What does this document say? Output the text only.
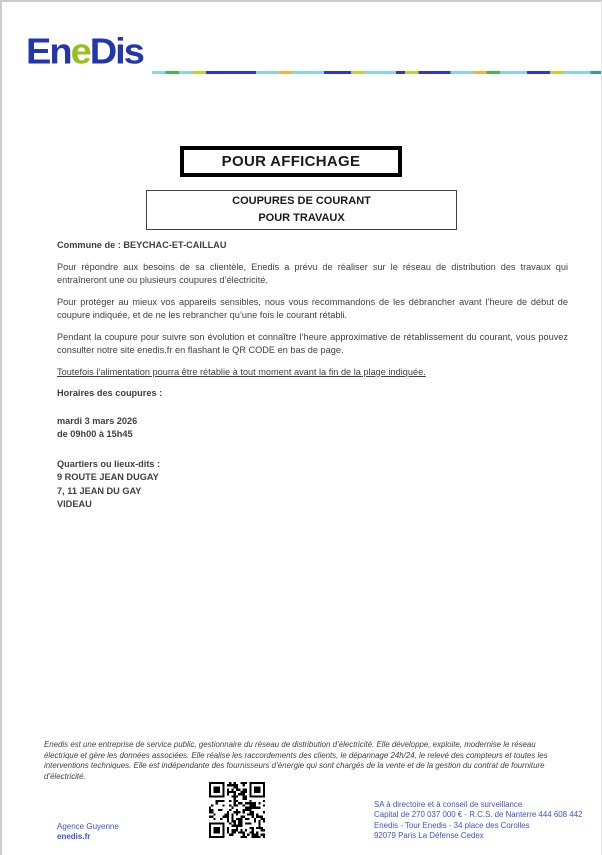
EneDis
POUR AFFICHAGE
COUPURES DE COURANT
POUR TRAVAUX
Commune de : BEYCHAC-ET-CAILLAU

Pour répondre aux besoins de sa clientèle, Enedis a prévu de réaliser sur le réseau de distribution des travaux qui entraîneront une ou plusieurs coupures d’électricité.

Pour protéger au mieux vos appareils sensibles, nous vous recommandons de les débrancher avant l’heure de début de coupure indiquée, et de ne les rebrancher qu’une fois le courant rétabli.

Pendant la coupure pour suivre son évolution et connaître l’heure approximative de rétablissement du courant, vous pouvez consulter notre site enedis.fr en flashant le QR CODE en bas de page.

Toutefois l’alimentation pourra être rétablie à tout moment avant la fin de la plage indiquée.
Horaires des coupures :
mardi 3 mars 2026
de 09h00 à 15h45
Quartiers ou lieux-dits :
9 ROUTE JEAN DUGAY
7, 11 JEAN DU GAY
VIDEAU
Enedis est une entreprise de service public, gestionnaire du réseau de distribution d’électricité. Elle développe, exploite, modernise le réseau électrique et gère les données associées. Elle réalise les raccordements des clients, le dépannage 24h/24, le relevé des compteurs et toutes les interventions techniques. Elle est indépendante des fournisseurs d’énergie qui sont chargés de la vente et de la gestion du contrat de fourniture d’électricité.
Agence Guyenne
enedis.fr
SA à directoire et à conseil de surveillance
Capital de 270 037 000 € - R.C.S. de Nanterre 444 608 442
Enedis - Tour Enedis - 34 place des Corolles
92079 Paris La Défense Cedex
